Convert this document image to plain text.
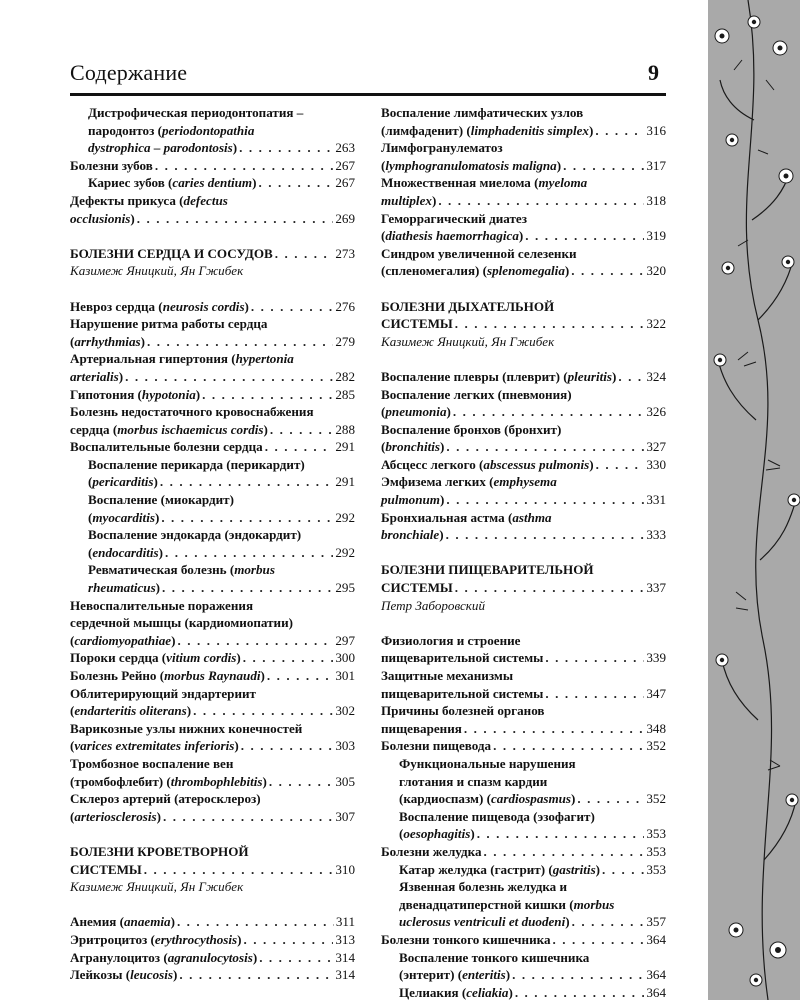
Содержание	9
Дистрофическая периодонтопатия –
пародонтоз (periodontopathia
dystrophica – parodontosis) . . .	263
Болезни зубов . . .	267
Кариес зубов (caries dentium) . . .	267
Дефекты прикуса (defectus
occlusionis) . . .	269
БОЛЕЗНИ СЕРДЦА И СОСУДОВ . . .	273
Казимеж Яницкий, Ян Гжибек
Невроз сердца (neurosis cordis) . . .	276
Нарушение ритма работы сердца
(arrhythmias) . . .	279
Артериальная гипертония (hypertonia
arterialis) . . .	282
Гипотония (hypotonia) . . .	285
Болезнь недостаточного кровоснабжения
сердца (morbus ischaemicus cordis) . . .	288
Воспалительные болезни сердца . . .	291
Воспаление перикарда (перикардит)
(pericarditis) . . .	291
Воспаление (миокардит)
(myocarditis) . . .	292
Воспаление эндокарда (эндокардит)
(endocarditis) . . .	292
Ревматическая болезнь (morbus
rheumaticus) . . .	295
Невоспалительные поражения
сердечной мышцы (кардиомиопатии)
(cardiomyopathiae) . . .	297
Пороки сердца (vitium cordis) . . .	300
Болезнь Рейно (morbus Raynaudi) . . .	301
Облитерирующий эндартериит
(endarteritis oliterans) . . .	302
Варикозные узлы нижних конечностей
(varices extremitates inferioris) . . .	303
Тромбозное воспаление вен
(тромбофлебит) (thrombophlebitis) . . .	305
Склероз артерий (атеросклероз)
(arteriosclerosis) . . .	307
БОЛЕЗНИ КРОВЕТВОРНОЙ
СИСТЕМЫ . . .	310
Казимеж Яницкий, Ян Гжибек
Анемия (anaemia) . . .	311
Эритроцитоз (erythrocythosis) . . .	313
Агранулоцитоз (agranulocytosis) . . .	314
Лейкозы (leucosis) . . .	314
Воспаление лимфатических узлов
(лимфаденит) (limphadenitis simplex) . . .	316
Лимфогранулематоз
(lymphogranulomatosis maligna) . . .	317
Множественная миелома (myeloma
multiplex) . . .	318
Геморрагический диатез
(diathesis haemorrhagica) . . .	319
Синдром увеличенной селезенки
(спленомегалия) (splenomegalia) . . .	320
БОЛЕЗНИ ДЫХАТЕЛЬНОЙ
СИСТЕМЫ . . .	322
Казимеж Яницкий, Ян Гжибек
Воспаление плевры (плеврит) (pleuritis) . . . 324
Воспаление легких (пневмония)
(pneumonia) . . .	326
Воспаление бронхов (бронхит)
(bronchitis) . . .	327
Абсцесс легкого (abscessus pulmonis) . . .	330
Эмфизема легких (emphysema
pulmonum) . . .	331
Бронхиальная астма (asthma
bronchiale) . . .	333
БОЛЕЗНИ ПИЩЕВАРИТЕЛЬНОЙ
СИСТЕМЫ . . .	337
Петр Заборовский
Физиология и строение
пищеварительной системы . . .	339
Защитные механизмы
пищеварительной системы . . .	347
Причины болезней органов
пищеварения . . .	348
Болезни пищевода . . .	352
Функциональные нарушения
глотания и спазм кардии
(кардиоспазм) (cardiospasmus) . . .	352
Воспаление пищевода (эзофагит)
(oesophagitis) . . .	353
Болезни желудка . . .	353
Катар желудка (гастрит) (gastritis) . . .	353
Язвенная болезнь желудка и
двенадцатиперстной кишки (morbus
uclerosus ventriculi et duodeni) . . .	357
Болезни тонкого кишечника . . .	364
Воспаление тонкого кишечника
(энтерит) (enteritis) . . .	364
Целиакия (celiakia) . . .	364
